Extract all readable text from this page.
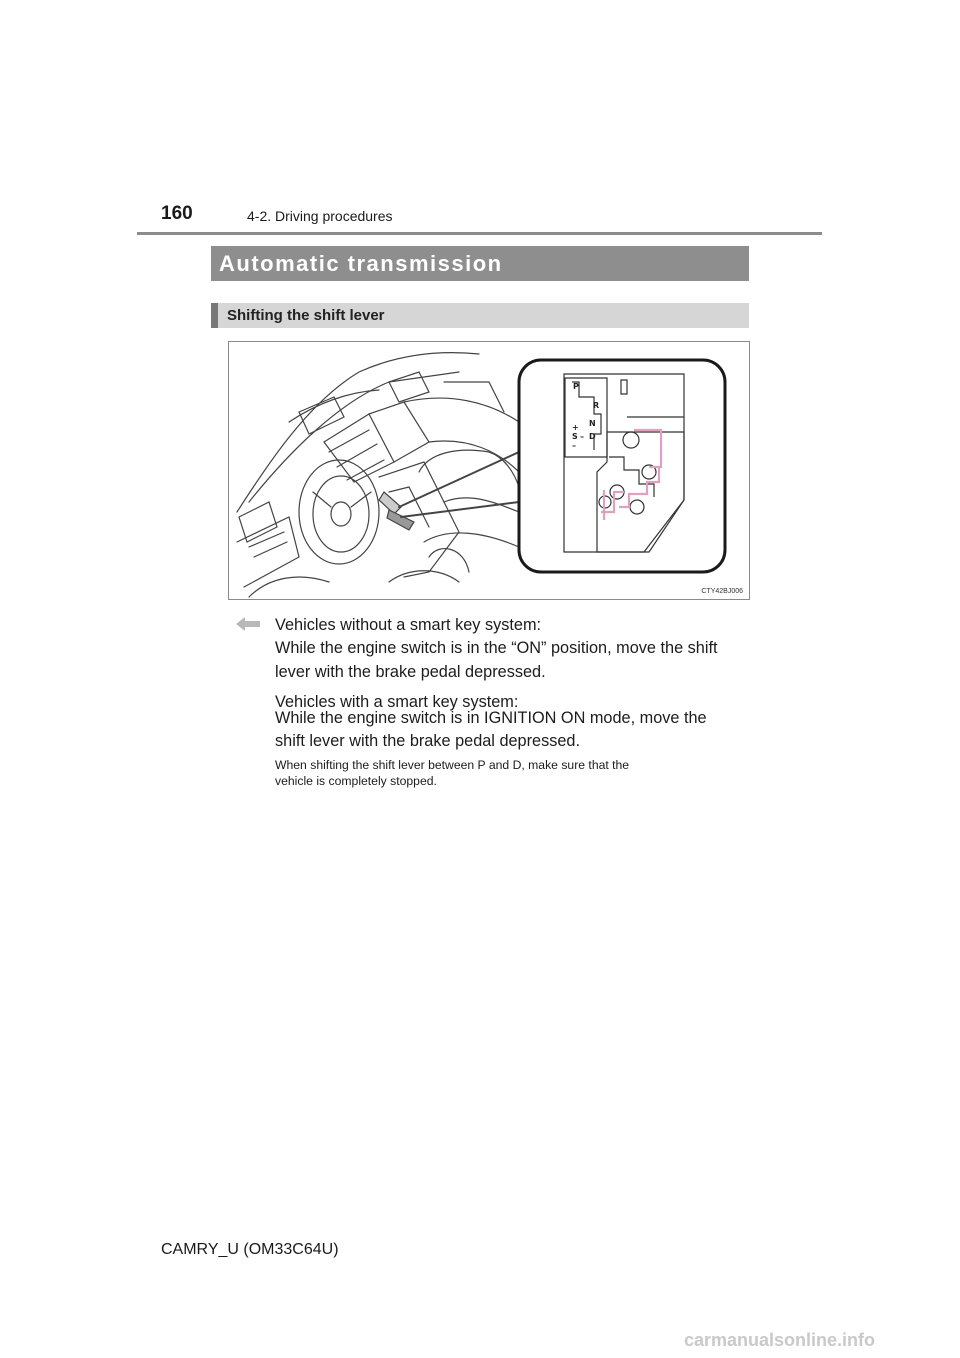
160	4-2. Driving procedures
Automatic transmission
Shifting the shift lever
P
R
N
+
S – D
–
CTY42BJ006
Vehicles without a smart key system:
While the engine switch is in the “ON” position, move the shift
lever with the brake pedal depressed.
Vehicles with a smart key system:
While the engine switch is in IGNITION ON mode, move the
shift lever with the brake pedal depressed.
When shifting the shift lever between P and D, make sure that the
vehicle is completely stopped.
CAMRY_U (OM33C64U)
carmanualsonline.info
